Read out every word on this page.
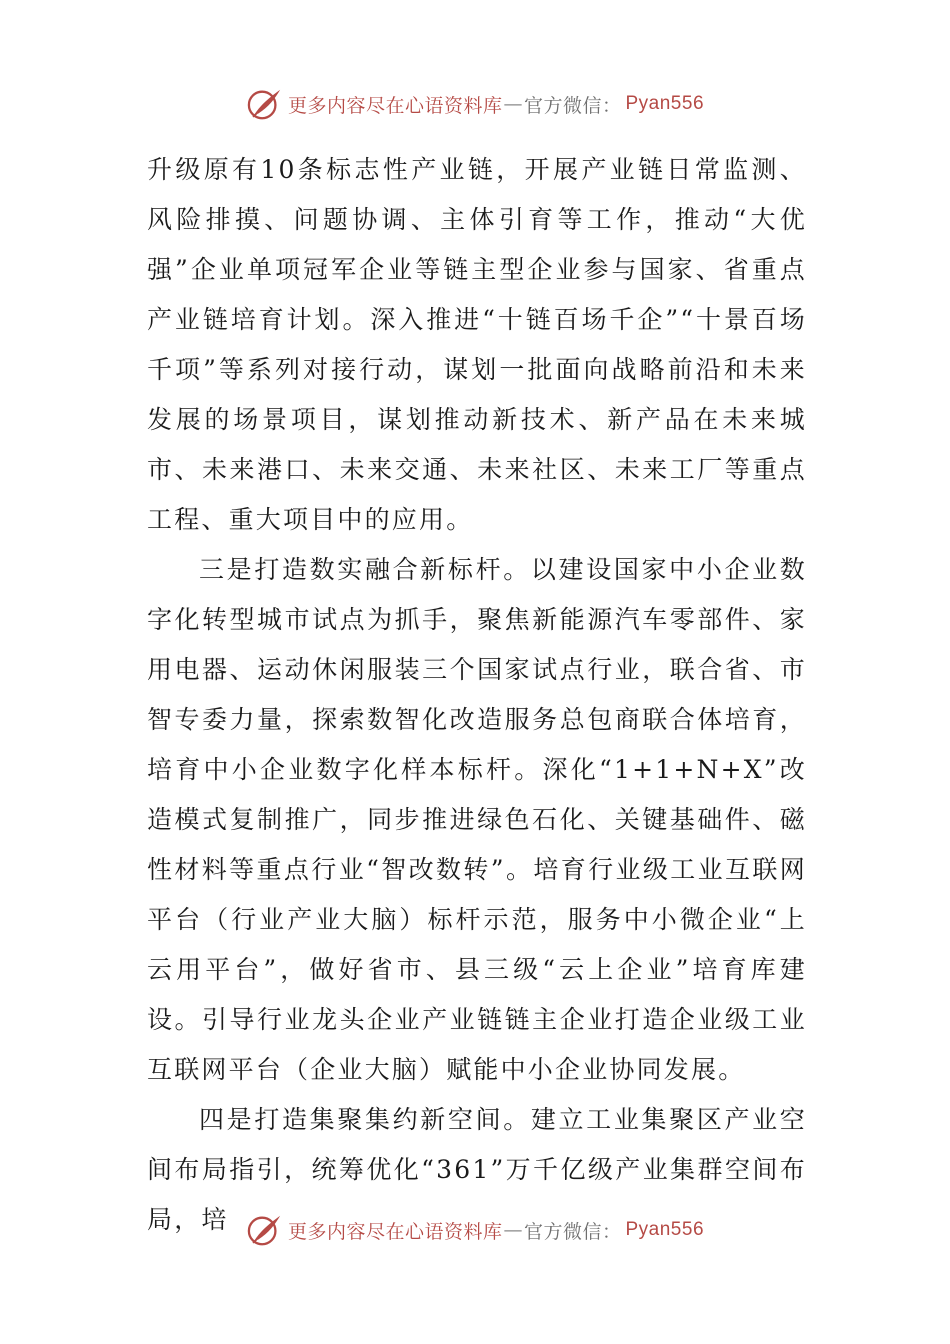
更多内容尽在心语资料库 — 官方微信： Pyan556

升级原有10条标志性产业链，开展产业链日常监测、风险排摸、问题协调、主体引育等工作，推动“大优强”企业单项冠军企业等链主型企业参与国家、省重点产业链培育计划。深入推进“十链百场千企”“十景百场千项”等系列对接行动，谋划一批面向战略前沿和未来发展的场景项目，谋划推动新技术、新产品在未来城市、未来港口、未来交通、未来社区、未来工厂等重点工程、重大项目中的应用。

三是打造数实融合新标杆。以建设国家中小企业数字化转型城市试点为抓手，聚焦新能源汽车零部件、家用电器、运动休闲服装三个国家试点行业，联合省、市智专委力量，探索数智化改造服务总包商联合体培育，培育中小企业数字化样本标杆。深化“1+1+N+X”改造模式复制推广，同步推进绿色石化、关键基础件、磁性材料等重点行业“智改数转”。培育行业级工业互联网平台（行业产业大脑）标杆示范，服务中小微企业“上云用平台”，做好省市、县三级“云上企业”培育库建设。引导行业龙头企业产业链链主企业打造企业级工业互联网平台（企业大脑）赋能中小企业协同发展。

四是打造集聚集约新空间。建立工业集聚区产业空间布局指引，统筹优化“361”万千亿级产业集群空间布局，培	更多内容尽在心语资料库 — 官方微信： Pyan556
